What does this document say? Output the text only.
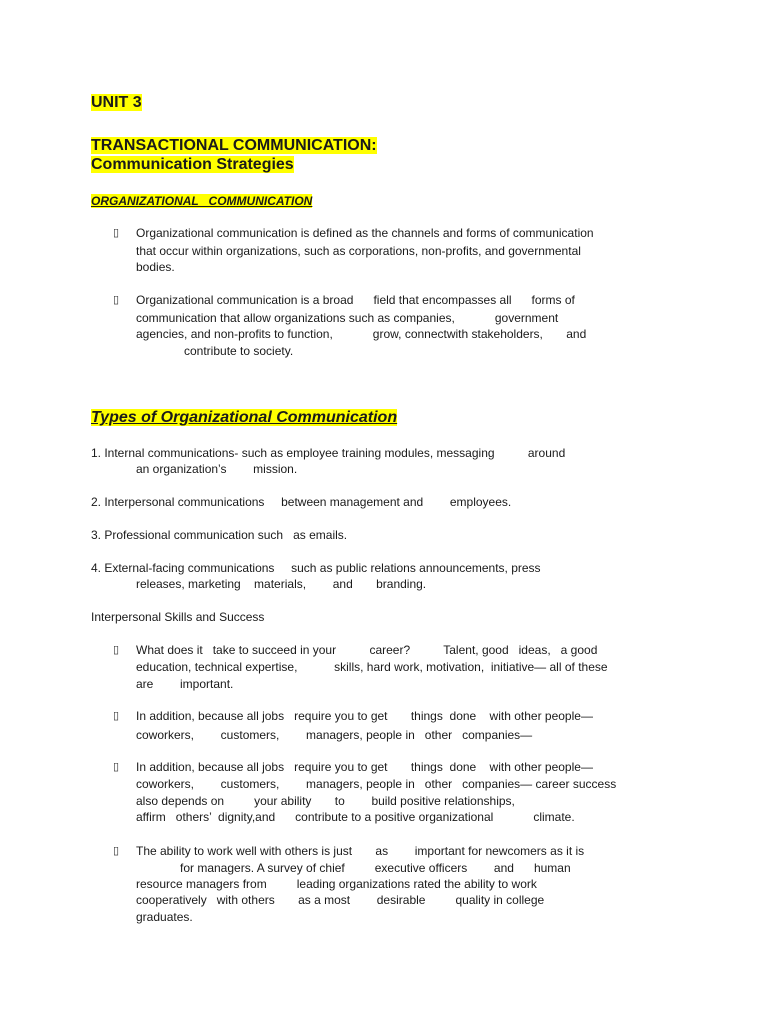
UNIT 3
TRANSACTIONAL COMMUNICATION:
Communication Strategies
ORGANIZATIONAL   COMMUNICATION
▯ Organizational communication is defined as the channels and forms of communication
that occur within organizations, such as corporations, non-profits, and governmental
bodies.
▯ Organizational communication is a broad      field that encompasses all      forms of
communication that allow organizations such as companies,            government
agencies, and non-profits to function,            grow, connectwith stakeholders,       and
contribute to society.
Types of Organizational Communication
1. Internal communications- such as employee training modules, messaging          around
an organization’s        mission.
2. Interpersonal communications     between management and        employees.
3. Professional communication such   as emails.
4. External-facing communications     such as public relations announcements, press
releases, marketing    materials,        and       branding.
Interpersonal Skills and Success
▯ What does it   take to succeed in your          career?          Talent, good   ideas,   a good
education, technical expertise,           skills, hard work, motivation,  initiative— all of these
are        important.
▯ In addition, because all jobs   require you to get       things  done    with other people—
coworkers,        customers,        managers, people in   other   companies—
▯ In addition, because all jobs   require you to get       things  done    with other people—
coworkers,        customers,        managers, people in   other   companies— career success
also depends on         your ability       to        build positive relationships,
affirm   others’  dignity,and      contribute to a positive organizational            climate.
▯ The ability to work well with others is just       as        important for newcomers as it is
for managers. A survey of chief         executive officers        and      human
resource managers from         leading organizations rated the ability to work
cooperatively   with others       as a most        desirable         quality in college
graduates.
